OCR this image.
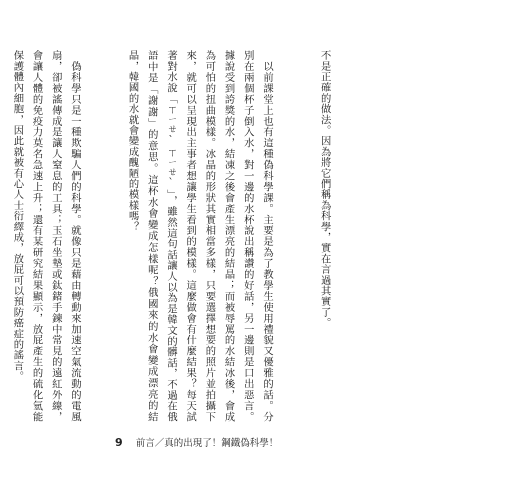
不是正確的做法。因為將它們稱為科學，實在言過其實了。

　以前課堂上也有這種偽科學課。主要是為了教學生使用禮貌又優雅的話。分別在兩個杯子倒入水，對一邊的水杯說出稱讚的好話，另一邊則是口出惡言。據說受到誇獎的水，結凍之後會產生漂亮的結晶；而被辱罵的水結冰後，會成為可怕的扭曲模樣。冰晶的形狀其實相當多樣，只要選擇想要的照片並拍攝下來，就可以呈現出主事者想讓學生看到的模樣。這麼做會有什麼結果？每天試著對水說「ㄒㄧㄝˋㄒㄧㄝˋ」，雖然這句話讓人以為是韓文的髒話，不過在俄語中是「謝謝」的意思。這杯水會變成怎樣呢？俄國來的水會變成漂亮的結晶，韓國的水就會變成醜陋的模樣嗎？

　偽科學只是一種欺騙人們的科學。就像只是藉由轉動來加速空氣流動的電風扇，卻被謠傳成是讓人窒息的工具；玉石坐墊或鈦鍺手鍊中常見的遠紅外線，會讓人體的免疫力莫名急速上升；還有某研究結果顯示，放屁產生的硫化氫能保護體內細胞，因此就被有心人士衍繹成，放屁可以預防癌症的謠言。

9 前言／真的出現了！鋼鐵偽科學！
